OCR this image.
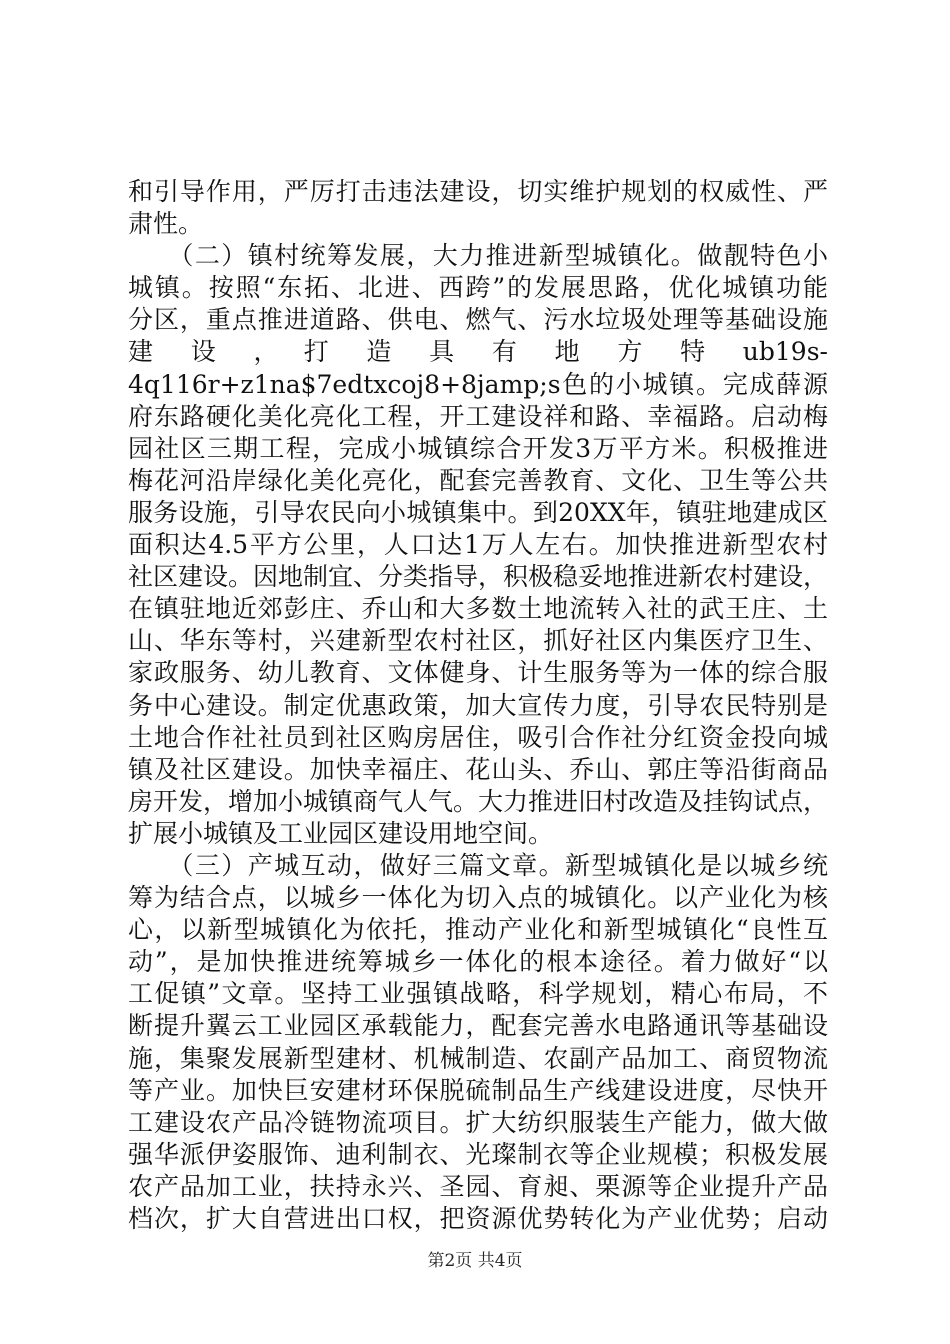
和引导作用，严厉打击违法建设，切实维护规划的权威性、严
肃性。
　　（二）镇村统筹发展，大力推进新型城镇化。做靓特色小
城镇。按照“东拓、北进、西跨”的发展思路，优化城镇功能
分区，重点推进道路、供电、燃气、污水垃圾处理等基础设施
建　设　，　打　造　具　有　地　方　特　ub19s-
4q116r+z1na$7edtxcoj8+8jamp;s色的小城镇。完成薛源
府东路硬化美化亮化工程，开工建设祥和路、幸福路。启动梅
园社区三期工程，完成小城镇综合开发3万平方米。积极推进
梅花河沿岸绿化美化亮化，配套完善教育、文化、卫生等公共
服务设施，引导农民向小城镇集中。到20XX年，镇驻地建成区
面积达4.5平方公里，人口达1万人左右。加快推进新型农村
社区建设。因地制宜、分类指导，积极稳妥地推进新农村建设，
在镇驻地近郊彭庄、乔山和大多数土地流转入社的武王庄、土
山、华东等村，兴建新型农村社区，抓好社区内集医疗卫生、
家政服务、幼儿教育、文体健身、计生服务等为一体的综合服
务中心建设。制定优惠政策，加大宣传力度，引导农民特别是
土地合作社社员到社区购房居住，吸引合作社分红资金投向城
镇及社区建设。加快幸福庄、花山头、乔山、郭庄等沿街商品
房开发，增加小城镇商气人气。大力推进旧村改造及挂钩试点，
扩展小城镇及工业园区建设用地空间。
　　（三）产城互动，做好三篇文章。新型城镇化是以城乡统
筹为结合点，以城乡一体化为切入点的城镇化。以产业化为核
心，以新型城镇化为依托，推动产业化和新型城镇化“良性互
动”，是加快推进统筹城乡一体化的根本途径。着力做好“以
工促镇”文章。坚持工业强镇战略，科学规划，精心布局，不
断提升翼云工业园区承载能力，配套完善水电路通讯等基础设
施，集聚发展新型建材、机械制造、农副产品加工、商贸物流
等产业。加快巨安建材环保脱硫制品生产线建设进度，尽快开
工建设农产品冷链物流项目。扩大纺织服装生产能力，做大做
强华派伊姿服饰、迪利制衣、光璨制衣等企业规模；积极发展
农产品加工业，扶持永兴、圣园、育昶、栗源等企业提升产品
档次，扩大自营进出口权，把资源优势转化为产业优势；启动
第2页 共4页
